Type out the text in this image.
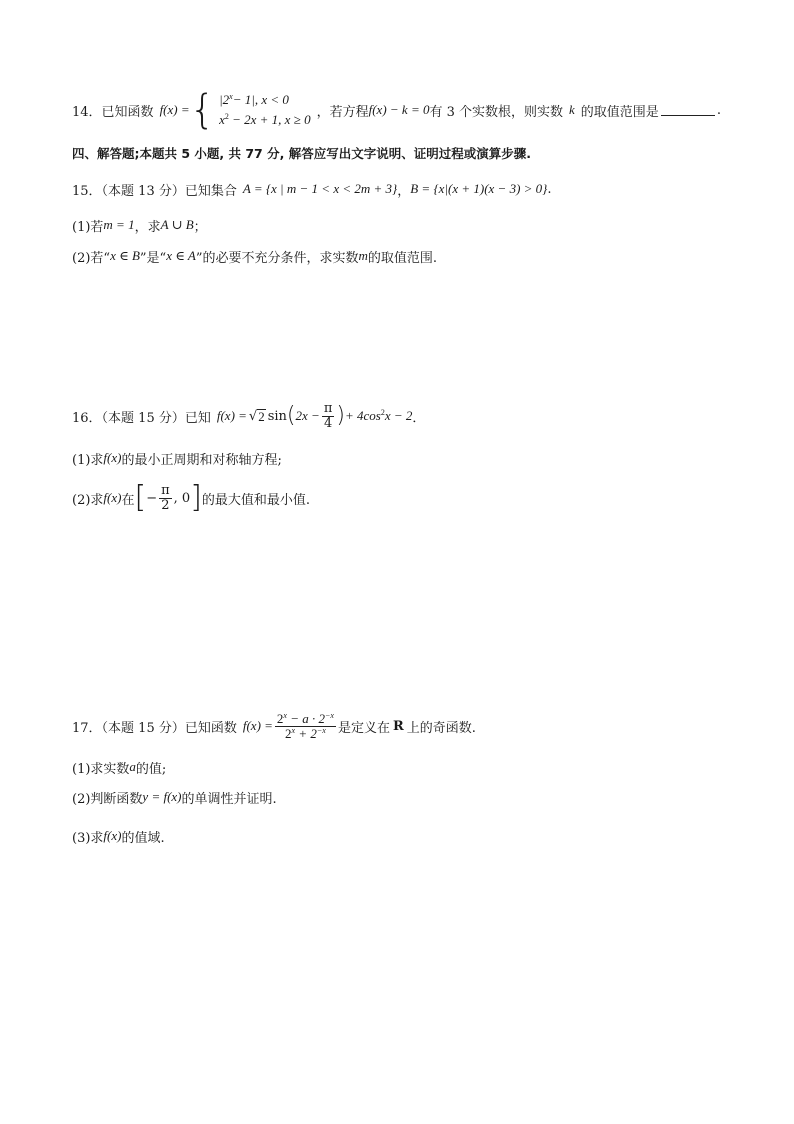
14． 已知函数 f(x) = { $|2^x- 1|$, x < 0
$x^2 - 2x + 1$, x ≥ 0 ，若方程 f(x) − k = 0 有 3 个实数根，则实数 k 的取值范围是	.
四、解答题;本题共 5 小题, 共 77 分, 解答应写出文字说明、证明过程或演算步骤.
15．（本题 13 分）已知集合 A = {x | m − 1 < x < 2m + 3} ， B = {x|(x + 1)(x − 3) > 0} .
(1)若 m = 1 ，求 A ∪ B ；
(2)若“ x ∈ B ”是“ x ∈ A ”的必要不充分条件，求实数 m 的取值范围.
16．（本题 15 分）已知 f(x) = √ 2 sin ( $2x - \frac{\pi}{4}$ ) + $4\cos^2x - 2$ ．
(1)求 f(x) 的最小正周期和对称轴方程;
(2)求 f(x) 在 [ − $\frac{\pi}{2}$ , 0 ] 的最大值和最小值.
17．（本题 15 分）已知函数 $f(x) = \frac{2^x - a \cdot 2^{-x}}{2^x + 2^{-x}}$ 是定义在 R 上的奇函数.
(1)求实数 a 的值;
(2)判断函数 y = f(x) 的单调性并证明.
(3)求 f(x) 的值域.
